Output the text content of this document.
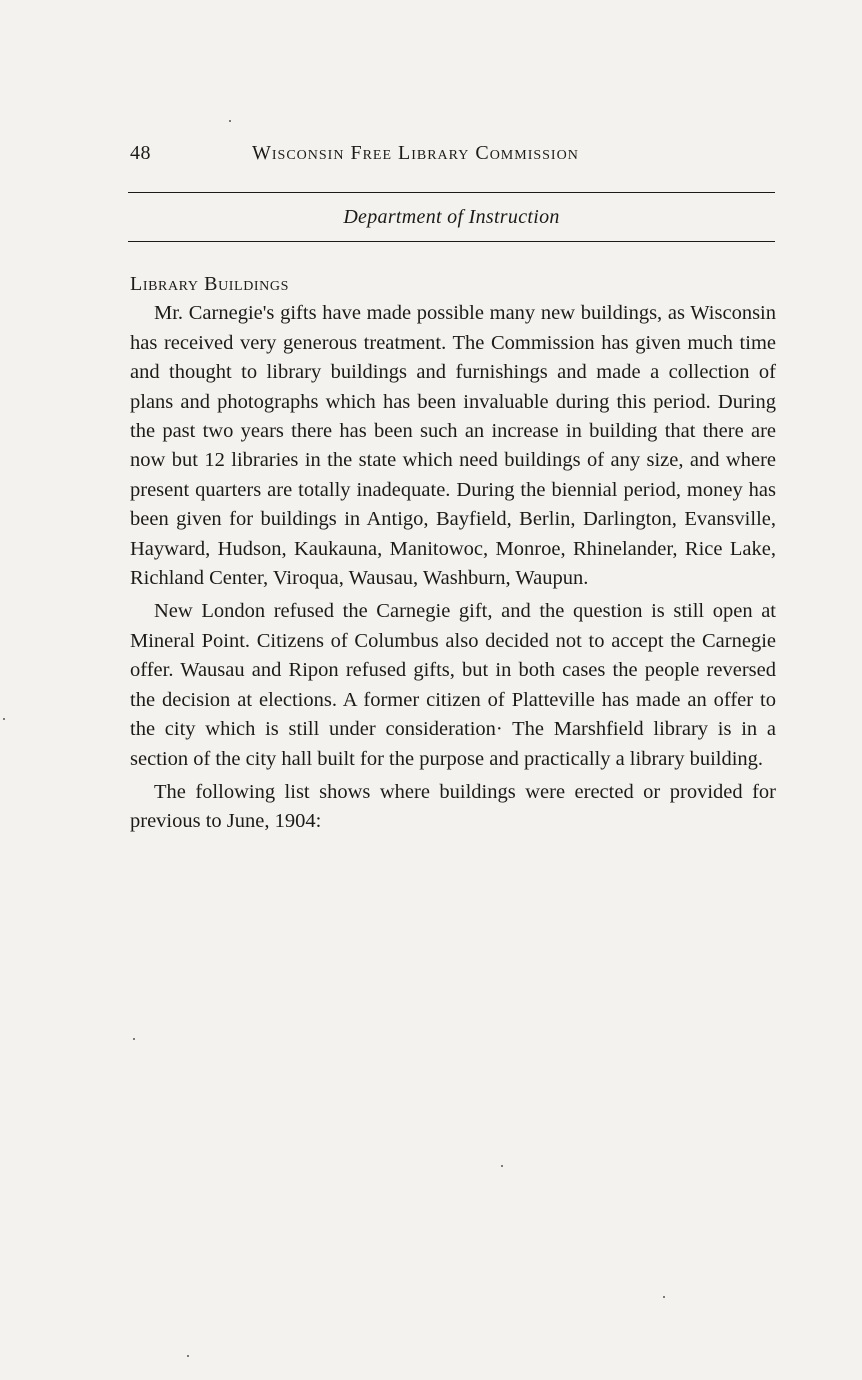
48	Wisconsin Free Library Commission
Department of Instruction
Library Buildings

Mr. Carnegie's gifts have made possible many new buildings, as Wisconsin has received very generous treatment. The Commission has given much time and thought to library buildings and furnishings and made a collection of plans and photographs which has been invaluable during this period. During the past two years there has been such an increase in building that there are now but 12 libraries in the state which need buildings of any size, and where present quarters are totally inadequate. During the biennial period, money has been given for buildings in Antigo, Bayfield, Berlin, Darlington, Evansville, Hayward, Hudson, Kaukauna, Manitowoc, Monroe, Rhinelander, Rice Lake, Richland Center, Viroqua, Wausau, Washburn, Waupun.

New London refused the Carnegie gift, and the question is still open at Mineral Point. Citizens of Columbus also decided not to accept the Carnegie offer. Wausau and Ripon refused gifts, but in both cases the people reversed the decision at elections. A former citizen of Platteville has made an offer to the city which is still under consideration· The Marshfield library is in a section of the city hall built for the purpose and practically a library building.

The following list shows where buildings were erected or provided for previous to June, 1904:
